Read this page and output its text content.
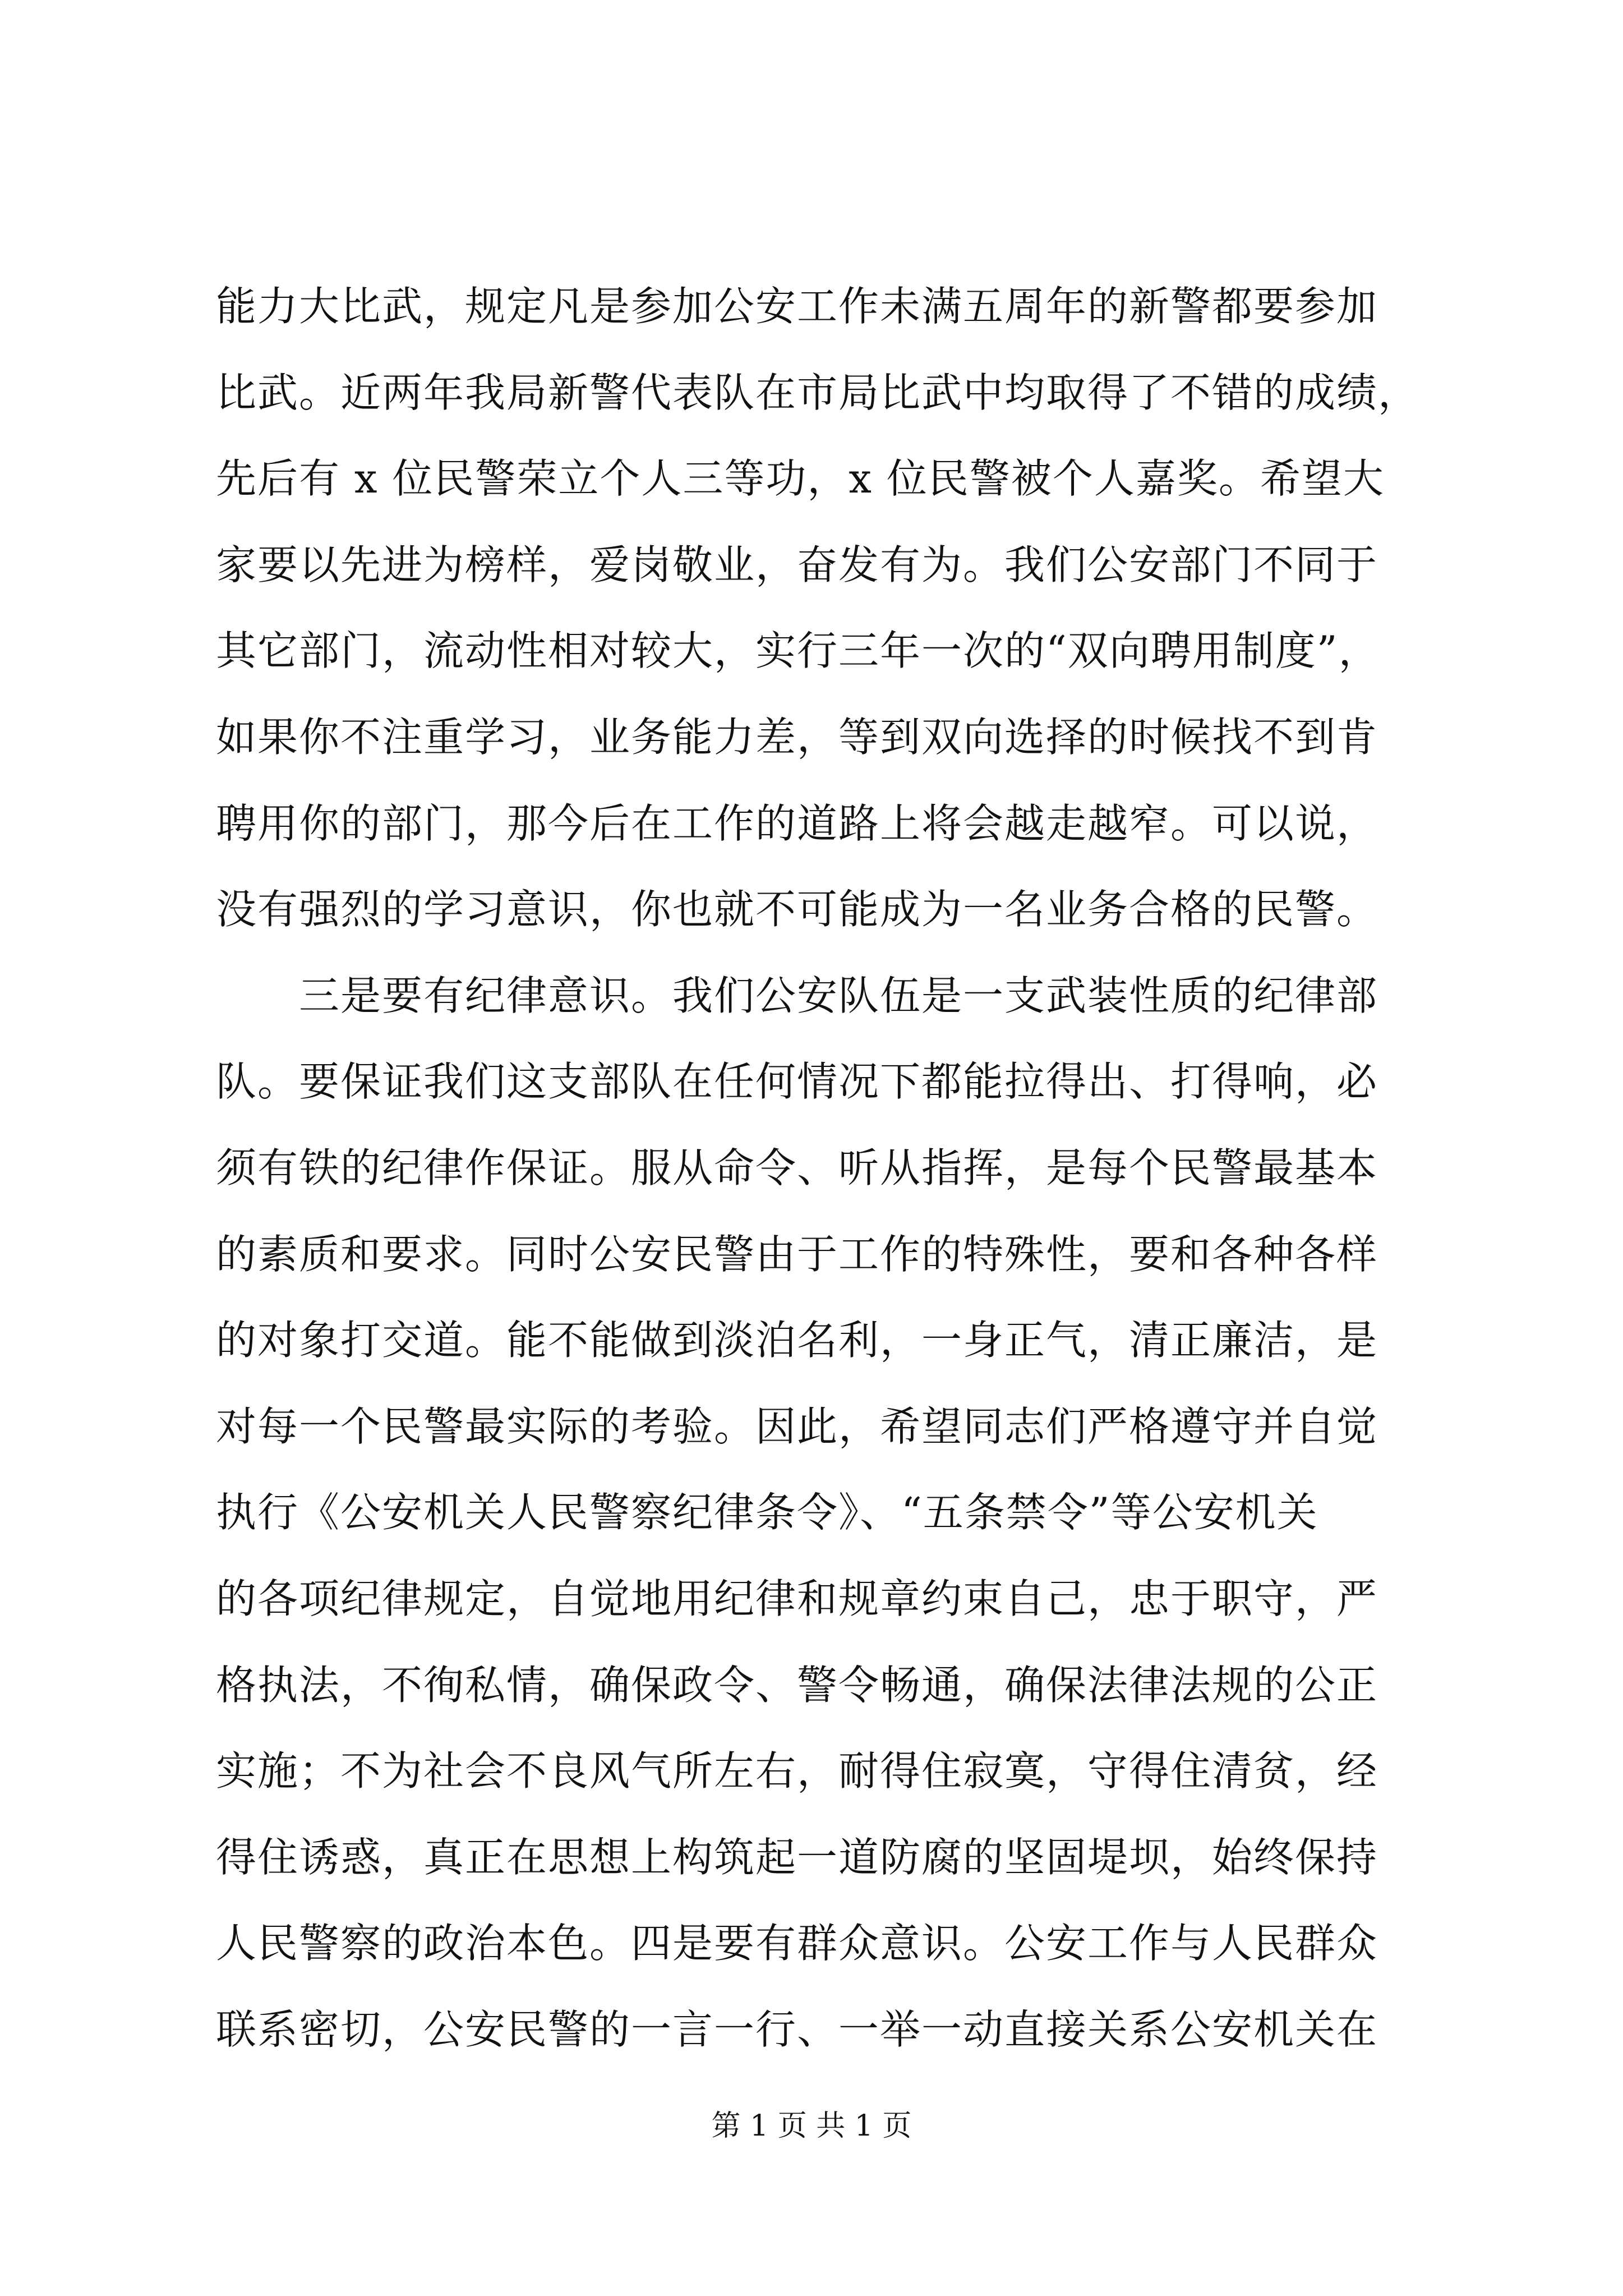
能力大比武，规定凡是参加公安工作未满五周年的新警都要参加
比武。近两年我局新警代表队在市局比武中均取得了不错的成绩，
先后有 x 位民警荣立个人三等功，x 位民警被个人嘉奖。希望大
家要以先进为榜样，爱岗敬业，奋发有为。我们公安部门不同于
其它部门，流动性相对较大，实行三年一次的“双向聘用制度”，
如果你不注重学习，业务能力差，等到双向选择的时候找不到肯
聘用你的部门，那今后在工作的道路上将会越走越窄。可以说，
没有强烈的学习意识，你也就不可能成为一名业务合格的民警。
　　三是要有纪律意识。我们公安队伍是一支武装性质的纪律部
队。要保证我们这支部队在任何情况下都能拉得出、打得响，必
须有铁的纪律作保证。服从命令、听从指挥，是每个民警最基本
的素质和要求。同时公安民警由于工作的特殊性，要和各种各样
的对象打交道。能不能做到淡泊名利，一身正气，清正廉洁，是
对每一个民警最实际的考验。因此，希望同志们严格遵守并自觉
执行《公安机关人民警察纪律条令》、“五条禁令”等公安机关
的各项纪律规定，自觉地用纪律和规章约束自己，忠于职守，严
格执法，不徇私情，确保政令、警令畅通，确保法律法规的公正
实施；不为社会不良风气所左右，耐得住寂寞，守得住清贫，经
得住诱惑，真正在思想上构筑起一道防腐的坚固堤坝，始终保持
人民警察的政治本色。四是要有群众意识。公安工作与人民群众
联系密切，公安民警的一言一行、一举一动直接关系公安机关在
第 1 页 共 1 页
